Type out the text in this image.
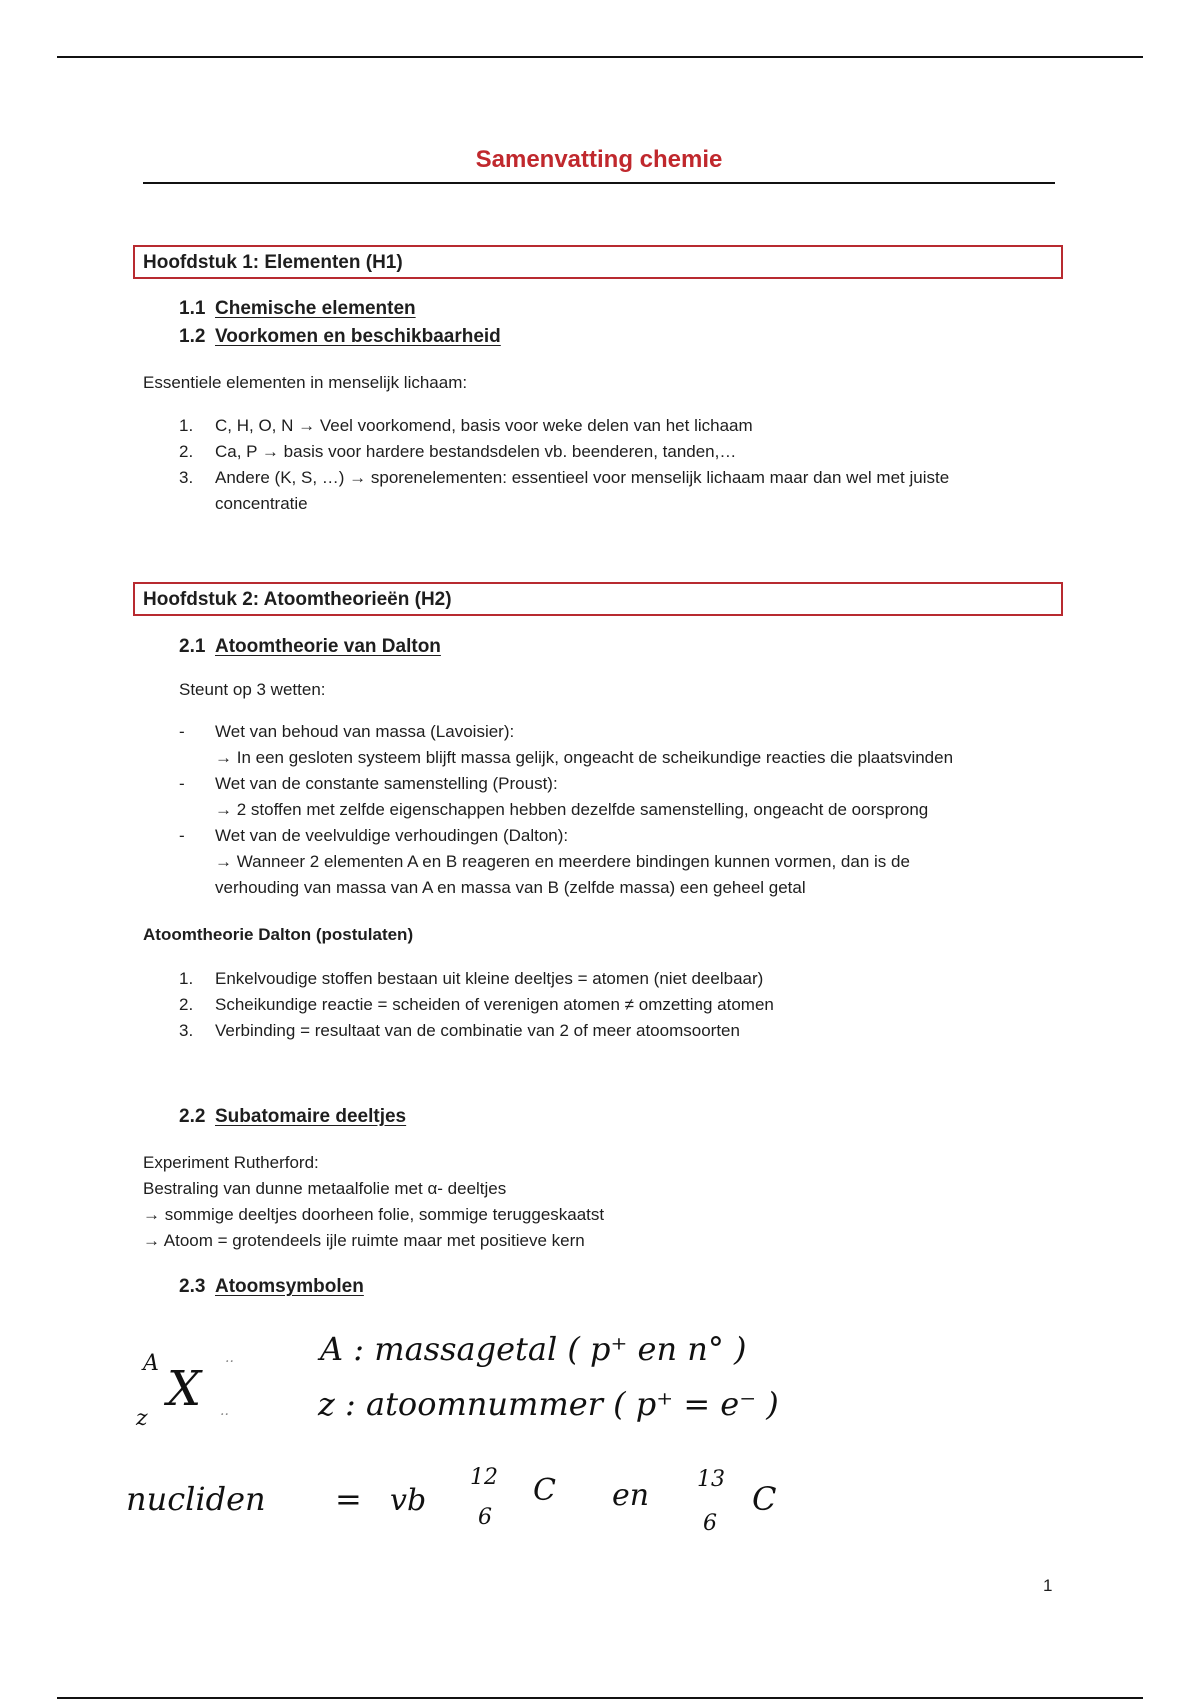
Samenvatting chemie
Hoofdstuk 1: Elementen (H1)
1.1 Chemische elementen
1.2 Voorkomen en beschikbaarheid
Essentiele elementen in menselijk lichaam:
1. C, H, O, N → Veel voorkomend, basis voor weke delen van het lichaam
2. Ca, P → basis voor hardere bestandsdelen vb. beenderen, tanden,…
3. Andere (K, S, …) → sporenelementen: essentieel voor menselijk lichaam maar dan wel met juiste concentratie
Hoofdstuk 2: Atoomtheorieën (H2)
2.1 Atoomtheorie van Dalton
Steunt op 3 wetten:
- Wet van behoud van massa (Lavoisier):
→ In een gesloten systeem blijft massa gelijk, ongeacht de scheikundige reacties die plaatsvinden
- Wet van de constante samenstelling (Proust):
→ 2 stoffen met zelfde eigenschappen hebben dezelfde samenstelling, ongeacht de oorsprong
- Wet van de veelvuldige verhoudingen (Dalton):
→ Wanneer 2 elementen A en B reageren en meerdere bindingen kunnen vormen, dan is de verhouding van massa van A en massa van B (zelfde massa) een geheel getal
Atoomtheorie Dalton (postulaten)
1. Enkelvoudige stoffen bestaan uit kleine deeltjes = atomen (niet deelbaar)
2. Scheikundige reactie = scheiden of verenigen atomen ≠ omzetting atomen
3. Verbinding = resultaat van de combinatie van 2 of meer atoomsoorten
2.2 Subatomaire deeltjes
Experiment Rutherford:
Bestraling van dunne metaalfolie met α- deeltjes
→ sommige deeltjes doorheen folie, sommige teruggeskaatst
→ Atoom = grotendeels ijle ruimte maar met positieve kern
2.3 Atoomsymbolen
A X
z
..
..
A : massagetal ( p⁺ en n° )
z : atoomnummer ( p⁺ = e⁻ )
nucliden = vb
12
6
C en 13
6
C
1
